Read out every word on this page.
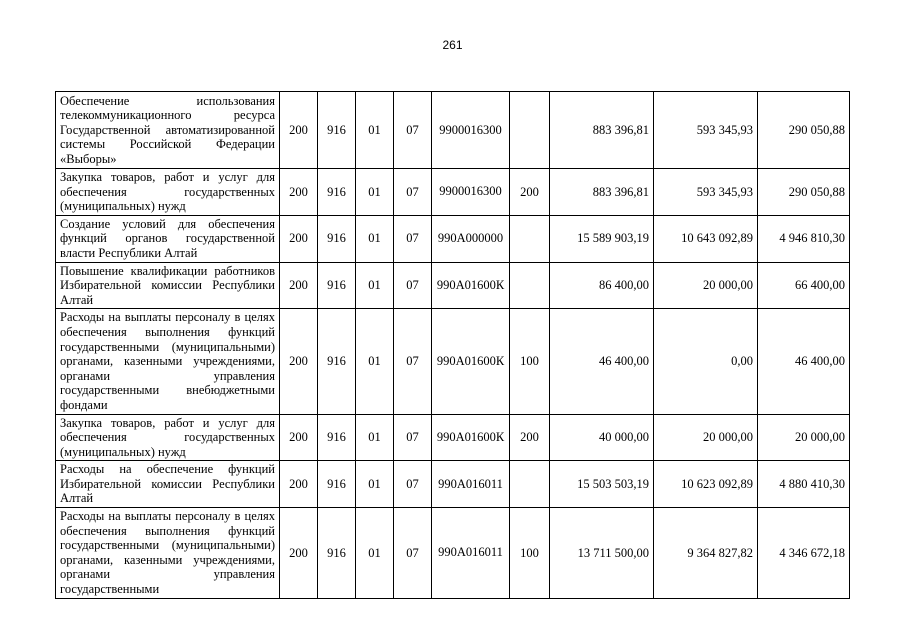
261
Обеспечение использования телекоммуникационного ресурса Государственной автоматизированной системы Российской Федерации «Выборы»	200	916	01	07	9900016300		883 396,81	593 345,93	290 050,88
Закупка товаров, работ и услуг для обеспечения государственных (муниципальных) нужд	200	916	01	07	9900016300	200	883 396,81	593 345,93	290 050,88
Создание условий для обеспечения функций органов государственной власти Республики Алтай	200	916	01	07	990А000000		15 589 903,19	10 643 092,89	4 946 810,30
Повышение квалификации работников Избирательной комиссии Республики Алтай	200	916	01	07	990А01600К		86 400,00	20 000,00	66 400,00
Расходы на выплаты персоналу в целях обеспечения выполнения функций государственными (муниципальными) органами, казенными учреждениями, органами управления государственными внебюджетными фондами	200	916	01	07	990А01600К	100	46 400,00	0,00	46 400,00
Закупка товаров, работ и услуг для обеспечения государственных (муниципальных) нужд	200	916	01	07	990А01600К	200	40 000,00	20 000,00	20 000,00
Расходы на обеспечение функций Избирательной комиссии Республики Алтай	200	916	01	07	990А016011		15 503 503,19	10 623 092,89	4 880 410,30
Расходы на выплаты персоналу в целях обеспечения выполнения функций государственными (муниципальными) органами, казенными учреждениями, органами управления государственными	200	916	01	07	990А016011	100	13 711 500,00	9 364 827,82	4 346 672,18
